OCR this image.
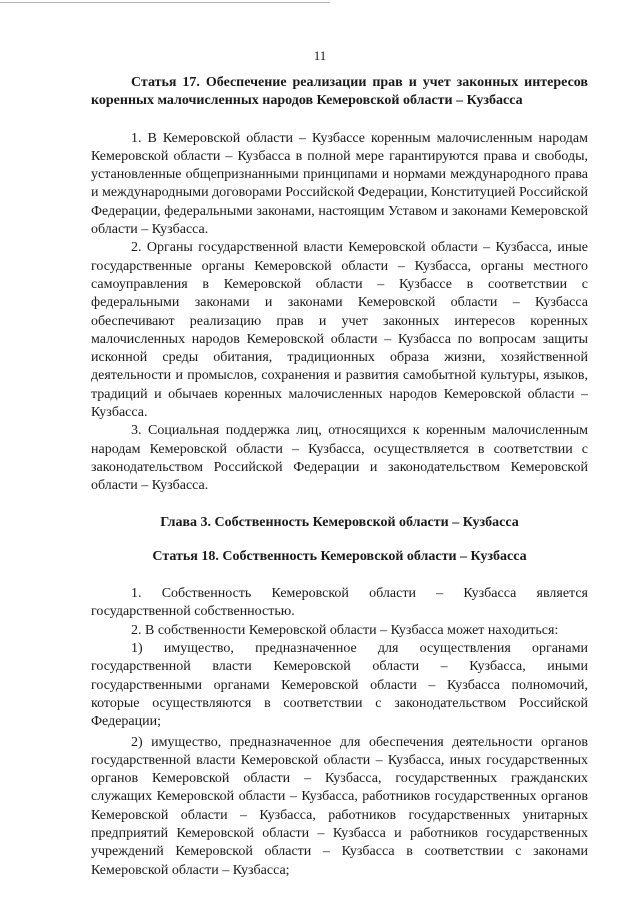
11

Статья 17. Обеспечение реализации прав и учет законных интересов коренных малочисленных народов Кемеровской области – Кузбасса

1. В Кемеровской области – Кузбассе коренным малочисленным народам Кемеровской области – Кузбасса в полной мере гарантируются права и свободы, установленные общепризнанными принципами и нормами международного права и международными договорами Российской Федерации, Конституцией Российской Федерации, федеральными законами, настоящим Уставом и законами Кемеровской области – Кузбасса.

2. Органы государственной власти Кемеровской области – Кузбасса, иные государственные органы Кемеровской области – Кузбасса, органы местного самоуправления в Кемеровской области – Кузбассе в соответствии с федеральными законами и законами Кемеровской области – Кузбасса обеспечивают реализацию прав и учет законных интересов коренных малочисленных народов Кемеровской области – Кузбасса по вопросам защиты исконной среды обитания, традиционных образа жизни, хозяйственной деятельности и промыслов, сохранения и развития самобытной культуры, языков, традиций и обычаев коренных малочисленных народов Кемеровской области – Кузбасса.

3. Социальная поддержка лиц, относящихся к коренным малочисленным народам Кемеровской области – Кузбасса, осуществляется в соответствии с законодательством Российской Федерации и законодательством Кемеровской области – Кузбасса.

Глава 3. Собственность Кемеровской области – Кузбасса

Статья 18. Собственность Кемеровской области – Кузбасса

1. Собственность Кемеровской области – Кузбасса является государственной собственностью.

2. В собственности Кемеровской области – Кузбасса может находиться:

1) имущество, предназначенное для осуществления органами государственной власти Кемеровской области – Кузбасса, иными государственными органами Кемеровской области – Кузбасса полномочий, которые осуществляются в соответствии с законодательством Российской Федерации;

2) имущество, предназначенное для обеспечения деятельности органов государственной власти Кемеровской области – Кузбасса, иных государственных органов Кемеровской области – Кузбасса, государственных гражданских служащих Кемеровской области – Кузбасса, работников государственных органов Кемеровской области – Кузбасса, работников государственных унитарных предприятий Кемеровской области – Кузбасса и работников государственных учреждений Кемеровской области – Кузбасса в соответствии с законами Кемеровской области – Кузбасса;
